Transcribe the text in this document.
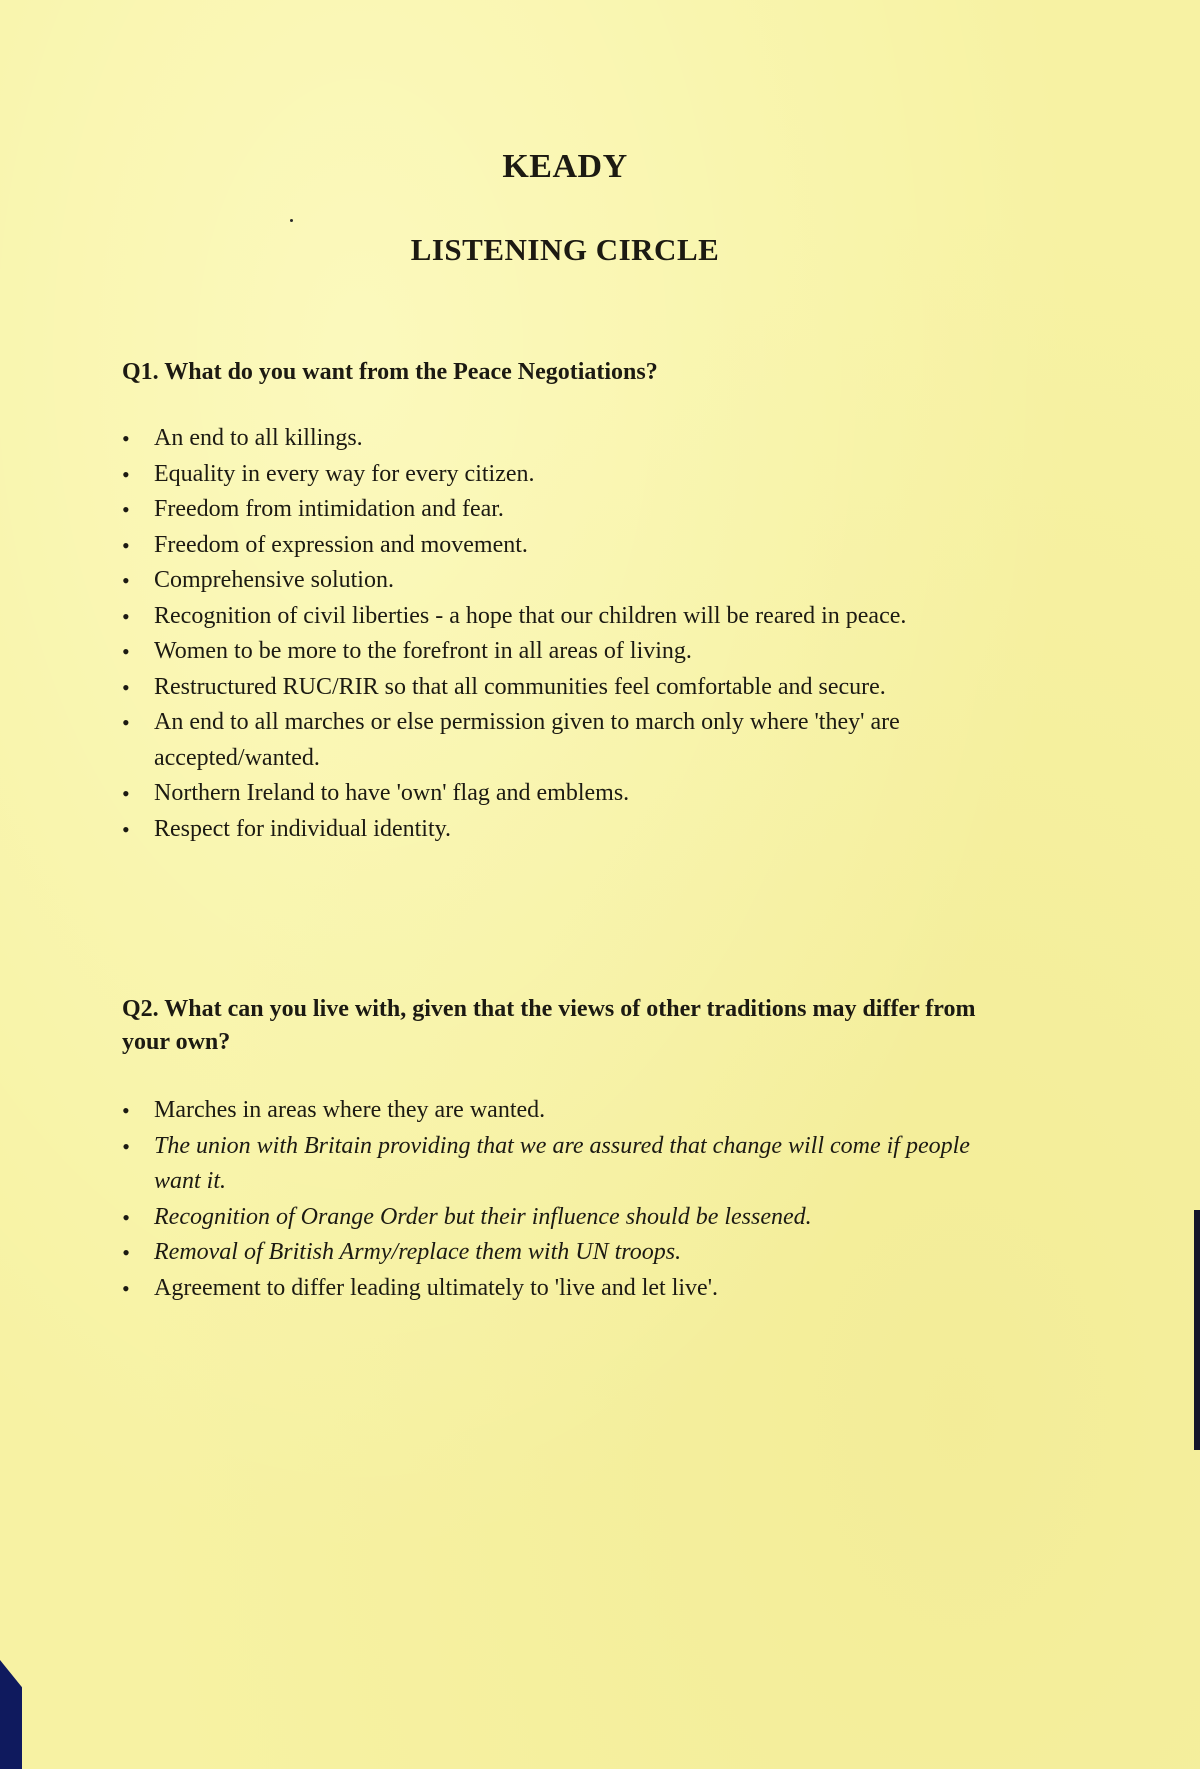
KEADY
LISTENING CIRCLE
Q1. What do you want from the Peace Negotiations?
• An end to all killings.
• Equality in every way for every citizen.
• Freedom from intimidation and fear.
• Freedom of expression and movement.
• Comprehensive solution.
• Recognition of civil liberties - a hope that our children will be reared in peace.
• Women to be more to the forefront in all areas of living.
• Restructured RUC/RIR so that all communities feel comfortable and secure.
• An end to all marches or else permission given to march only where 'they' are accepted/wanted.
• Northern Ireland to have 'own' flag and emblems.
• Respect for individual identity.
Q2. What can you live with, given that the views of other traditions may differ from your own?
• Marches in areas where they are wanted.
• The union with Britain providing that we are assured that change will come if people want it.
• Recognition of Orange Order but their influence should be lessened.
• Removal of British Army/replace them with UN troops.
• Agreement to differ leading ultimately to 'live and let live'.
